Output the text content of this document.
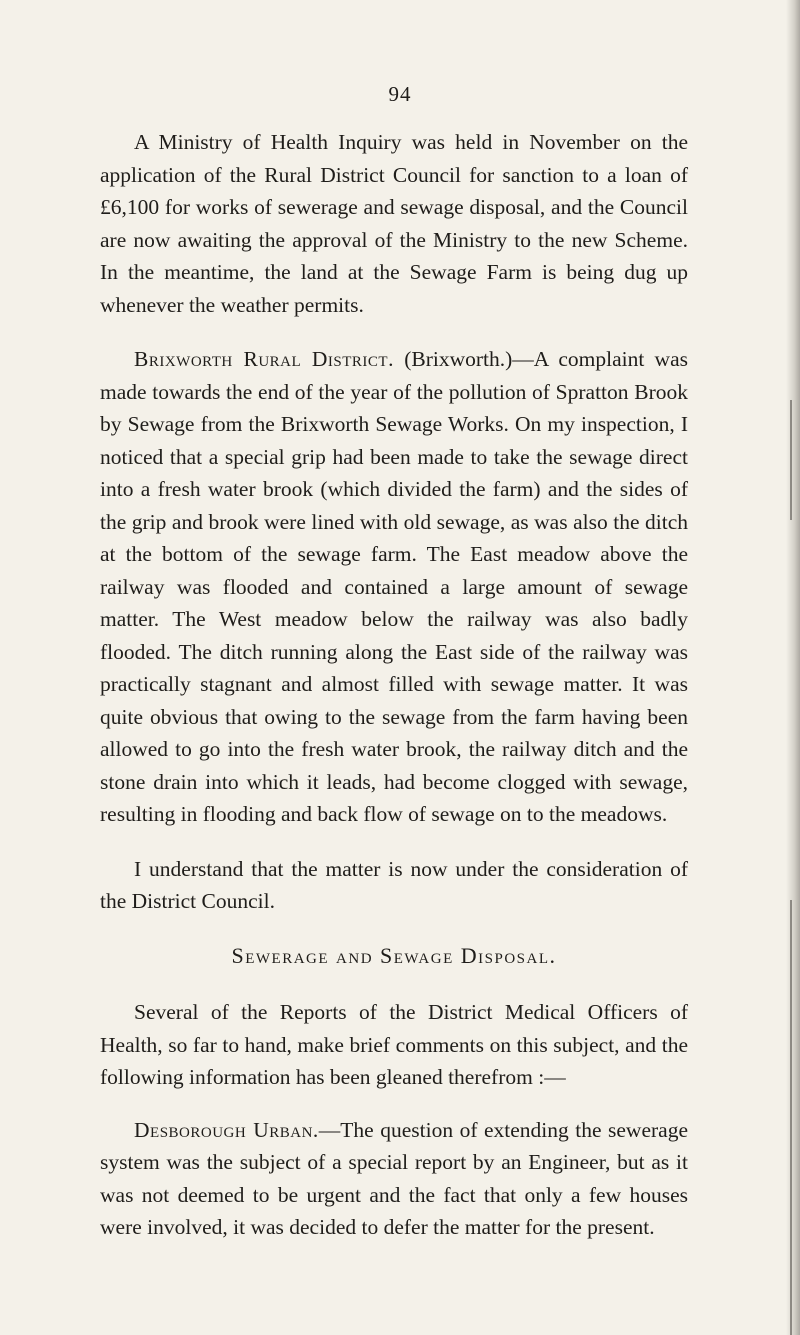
94

A Ministry of Health Inquiry was held in November on the application of the Rural District Council for sanction to a loan of £6,100 for works of sewerage and sewage disposal, and the Council are now awaiting the approval of the Ministry to the new Scheme. In the meantime, the land at the Sewage Farm is being dug up whenever the weather permits.

Brixworth Rural District. (Brixworth.)—A complaint was made towards the end of the year of the pollution of Spratton Brook by Sewage from the Brixworth Sewage Works. On my inspection, I noticed that a special grip had been made to take the sewage direct into a fresh water brook (which divided the farm) and the sides of the grip and brook were lined with old sewage, as was also the ditch at the bottom of the sewage farm. The East meadow above the railway was flooded and contained a large amount of sewage matter. The West meadow below the railway was also badly flooded. The ditch running along the East side of the railway was practically stagnant and almost filled with sewage matter. It was quite obvious that owing to the sewage from the farm having been allowed to go into the fresh water brook, the railway ditch and the stone drain into which it leads, had become clogged with sewage, resulting in flooding and back flow of sewage on to the meadows.

I understand that the matter is now under the consideration of the District Council.

Sewerage and Sewage Disposal.

Several of the Reports of the District Medical Officers of Health, so far to hand, make brief comments on this subject, and the following information has been gleaned therefrom :—

Desborough Urban.—The question of extending the sewerage system was the subject of a special report by an Engineer, but as it was not deemed to be urgent and the fact that only a few houses were involved, it was decided to defer the matter for the present.
